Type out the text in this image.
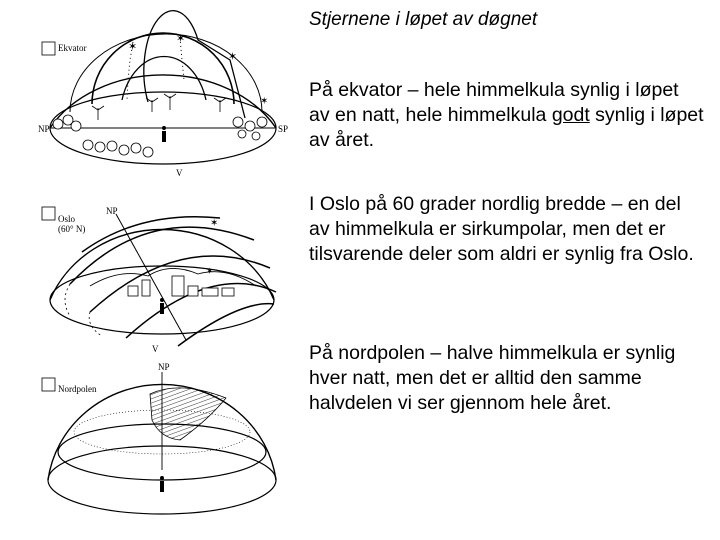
Ekvator
✶
✶
✶
✶
NP	SP
V
Oslo
(60° N)	✶
✶
NP
V
Nordpolen
NP
Stjernene i løpet av døgnet
På ekvator – hele himmelkula synlig i løpet av en natt, hele himmelkula godt synlig i løpet av året.
I Oslo på 60 grader nordlig bredde – en del av himmelkula er sirkumpolar, men det er tilsvarende deler som aldri er synlig fra Oslo.
På nordpolen – halve himmelkula er synlig hver natt, men det er alltid den samme halvdelen vi ser gjennom hele året.
